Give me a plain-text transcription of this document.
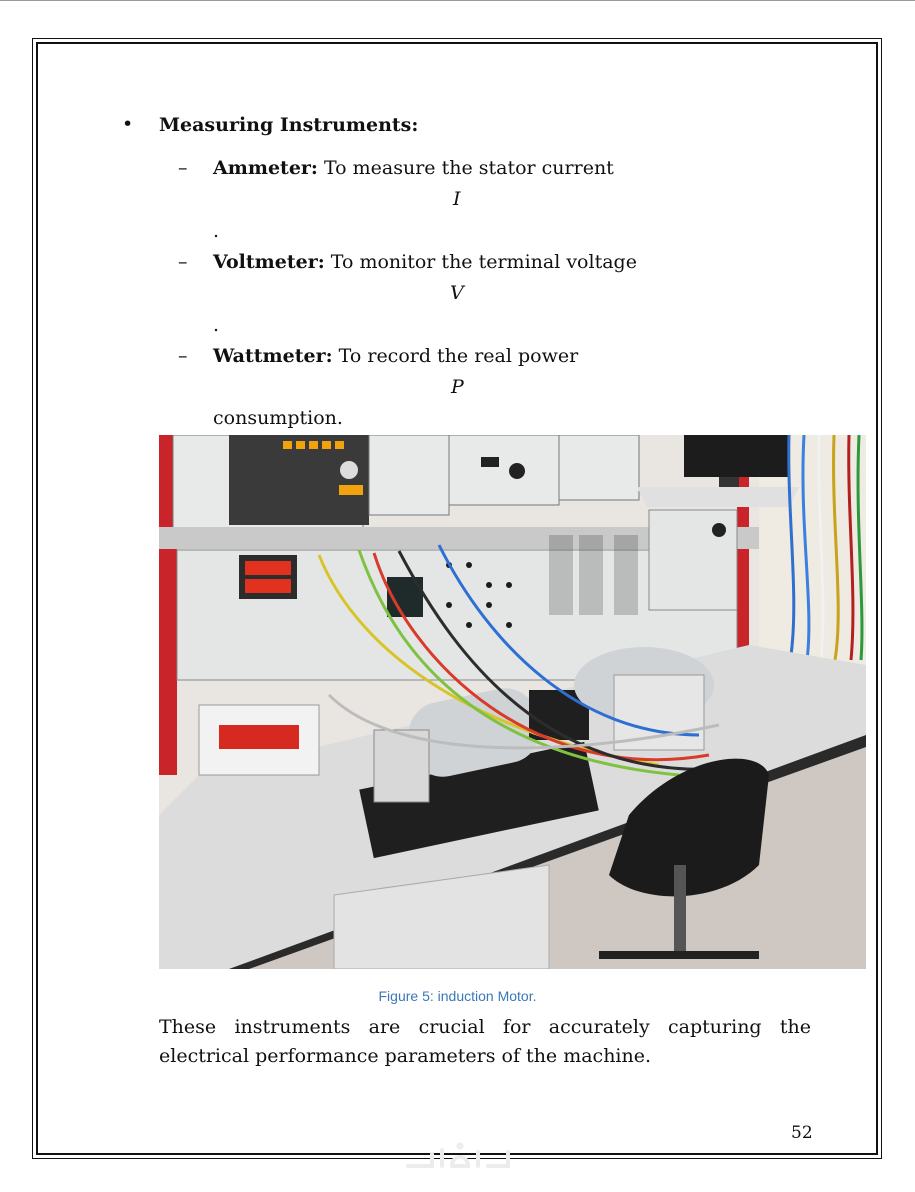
• Measuring Instruments:
– Ammeter: To measure the stator current
I
.
– Voltmeter: To monitor the terminal voltage
V
.
– Wattmeter: To record the real power
P
consumption.
Figure 5: induction Motor.
These instruments are crucial for accurately capturing the electrical performance parameters of the machine.
52
